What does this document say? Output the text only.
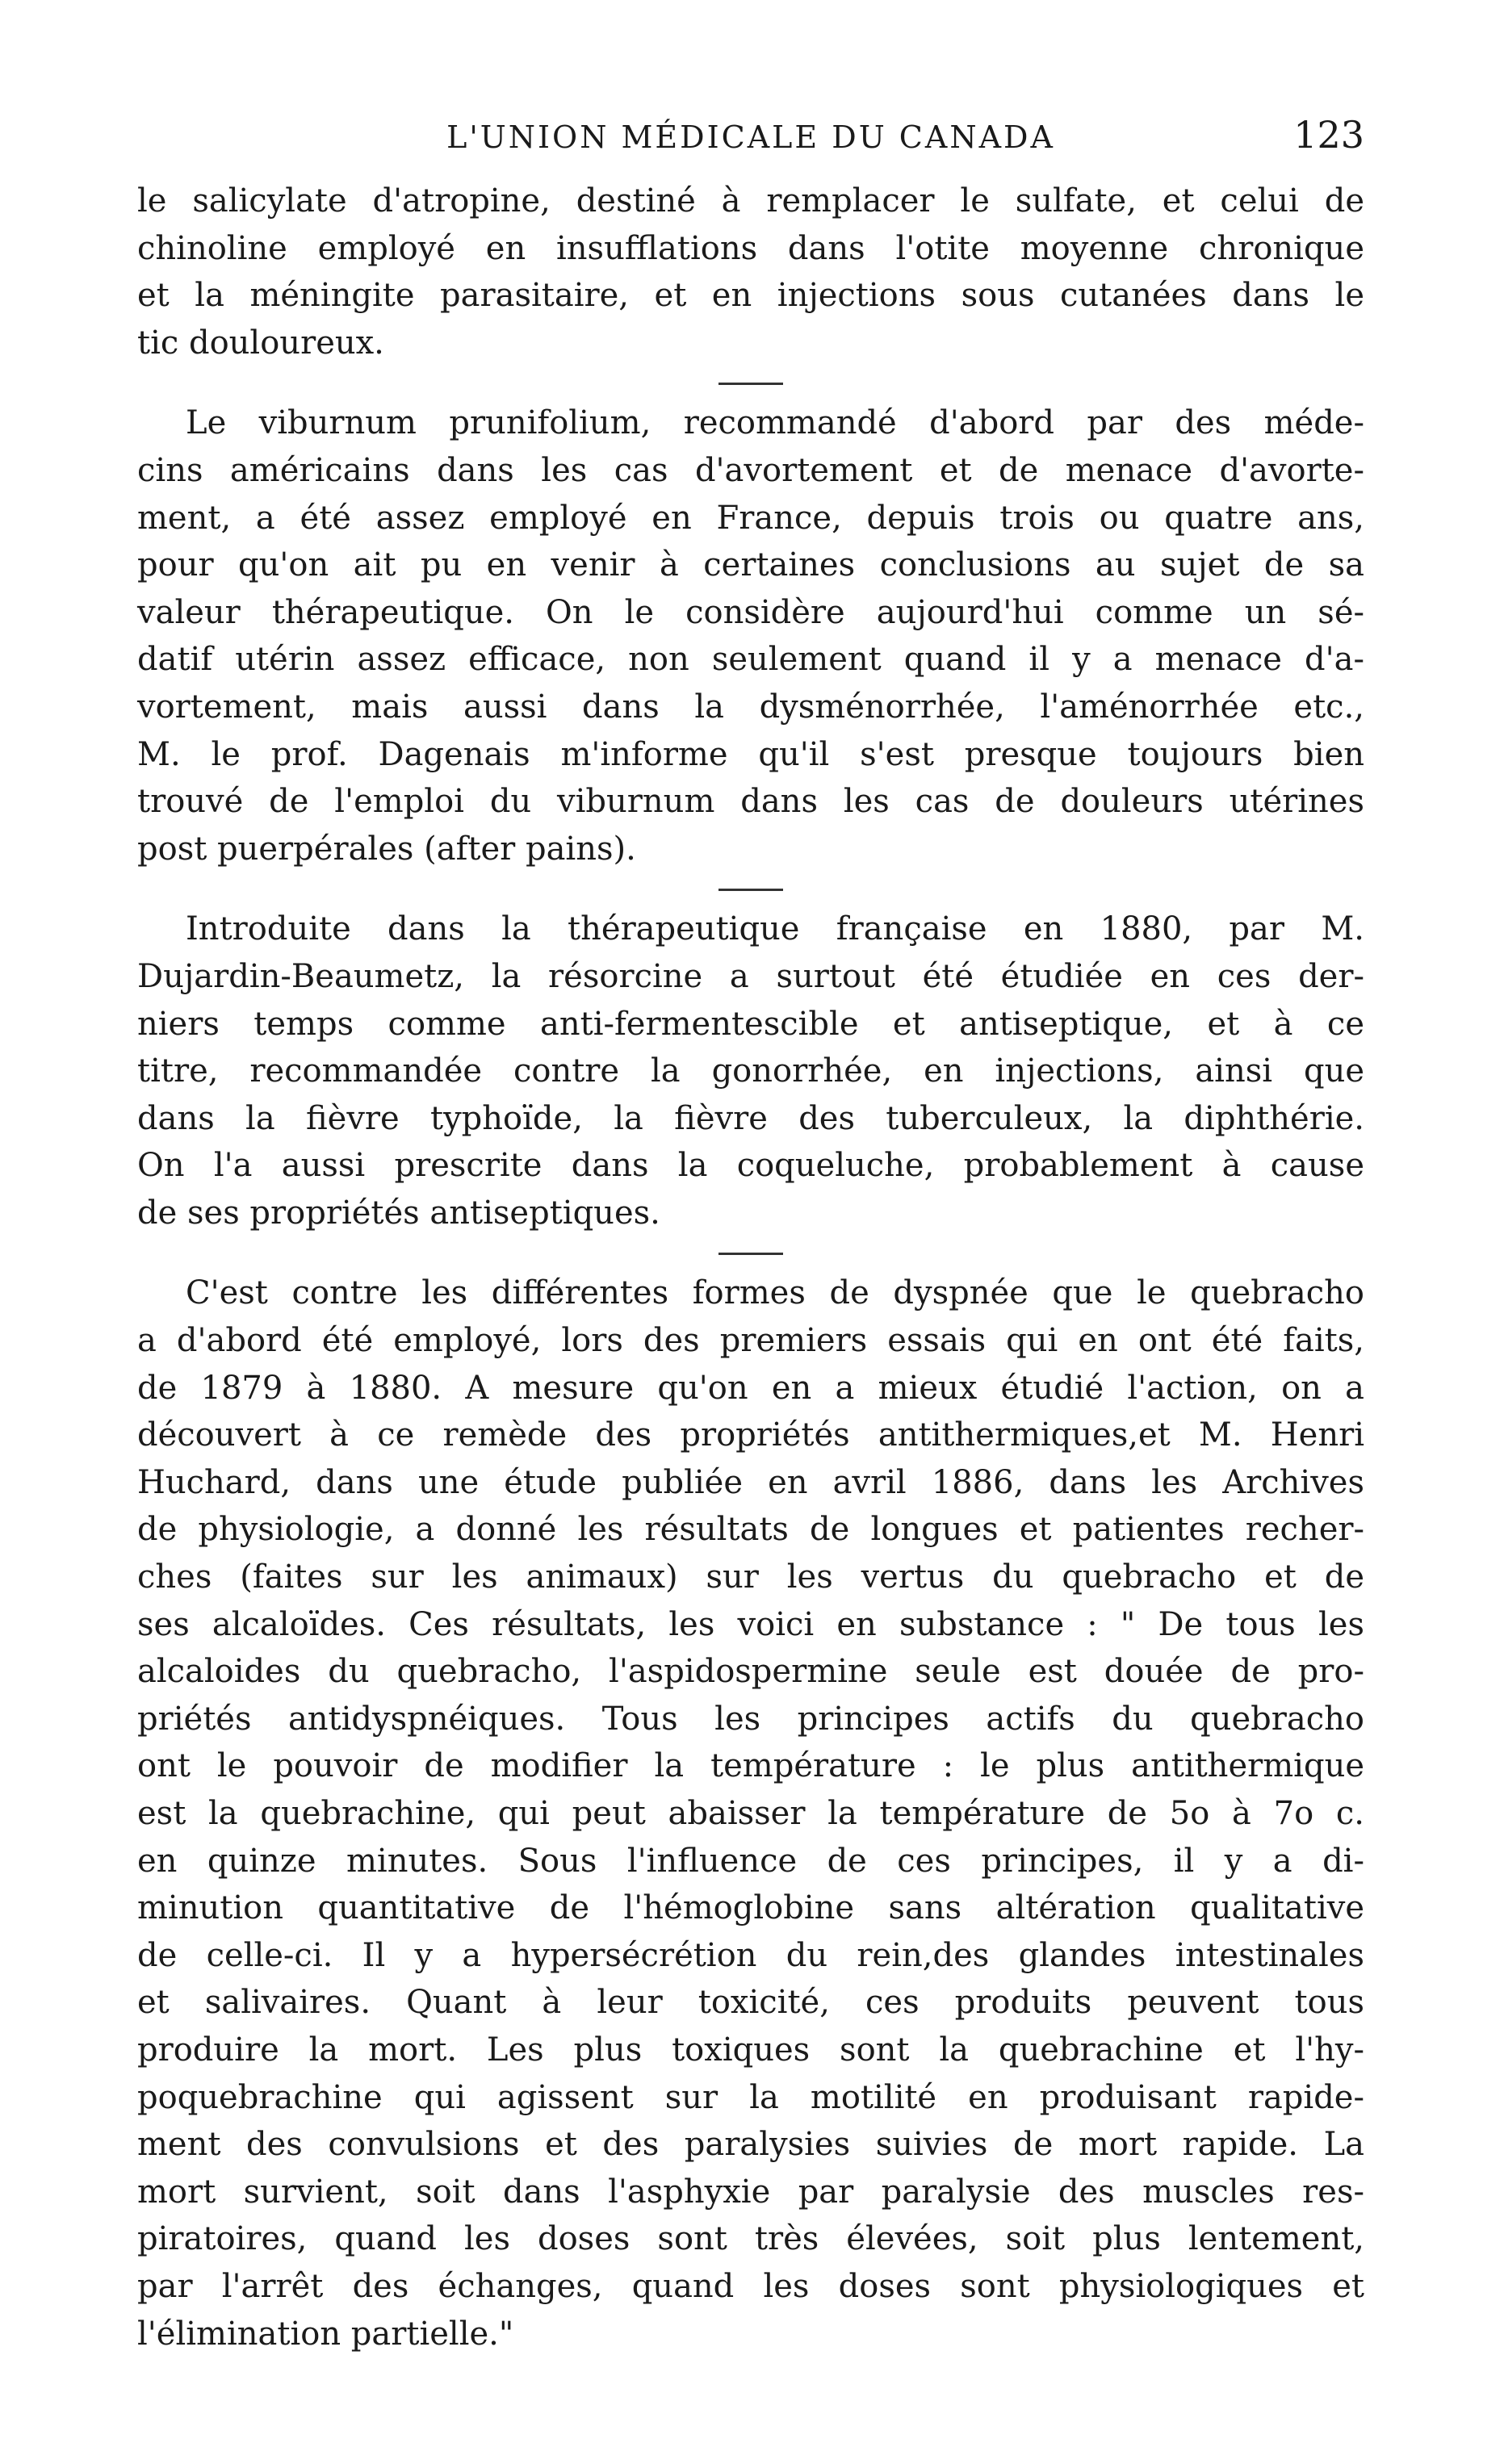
L'UNION MÉDICALE DU CANADA	123
le salicylate d'atropine, destiné à remplacer le sulfate, et celui de
chinoline employé en insufflations dans l'otite moyenne chronique
et la méningite parasitaire, et en injections sous cutanées dans le
tic douloureux.
Le viburnum prunifolium, recommandé d'abord par des méde-
cins américains dans les cas d'avortement et de menace d'avorte-
ment, a été assez employé en France, depuis trois ou quatre ans,
pour qu'on ait pu en venir à certaines conclusions au sujet de sa
valeur thérapeutique. On le considère aujourd'hui comme un sé-
datif utérin assez efficace, non seulement quand il y a menace d'a-
vortement, mais aussi dans la dysménorrhée, l'aménorrhée etc.,
M. le prof. Dagenais m'informe qu'il s'est presque toujours bien
trouvé de l'emploi du viburnum dans les cas de douleurs utérines
post puerpérales (after pains).
Introduite dans la thérapeutique française en 1880, par M.
Dujardin-Beaumetz, la résorcine a surtout été étudiée en ces der-
niers temps comme anti-fermentescible et antiseptique, et à ce
titre, recommandée contre la gonorrhée, en injections, ainsi que
dans la fièvre typhoïde, la fièvre des tuberculeux, la diphthérie.
On l'a aussi prescrite dans la coqueluche, probablement à cause
de ses propriétés antiseptiques.
C'est contre les différentes formes de dyspnée que le quebracho
a d'abord été employé, lors des premiers essais qui en ont été faits,
de 1879 à 1880. A mesure qu'on en a mieux étudié l'action, on a
découvert à ce remède des propriétés antithermiques,et M. Henri
Huchard, dans une étude publiée en avril 1886, dans les Archives
de physiologie, a donné les résultats de longues et patientes recher-
ches (faites sur les animaux) sur les vertus du quebracho et de
ses alcaloïdes. Ces résultats, les voici en substance : " De tous les
alcaloides du quebracho, l'aspidospermine seule est douée de pro-
priétés antidyspnéiques. Tous les principes actifs du quebracho
ont le pouvoir de modifier la température : le plus antithermique
est la quebrachine, qui peut abaisser la température de 5o à 7o c.
en quinze minutes. Sous l'influence de ces principes, il y a di-
minution quantitative de l'hémoglobine sans altération qualitative
de celle-ci. Il y a hypersécrétion du rein,des glandes intestinales
et salivaires. Quant à leur toxicité, ces produits peuvent tous
produire la mort. Les plus toxiques sont la quebrachine et l'hy-
poquebrachine qui agissent sur la motilité en produisant rapide-
ment des convulsions et des paralysies suivies de mort rapide. La
mort survient, soit dans l'asphyxie par paralysie des muscles res-
piratoires, quand les doses sont très élevées, soit plus lentement,
par l'arrêt des échanges, quand les doses sont physiologiques et
l'élimination partielle."
